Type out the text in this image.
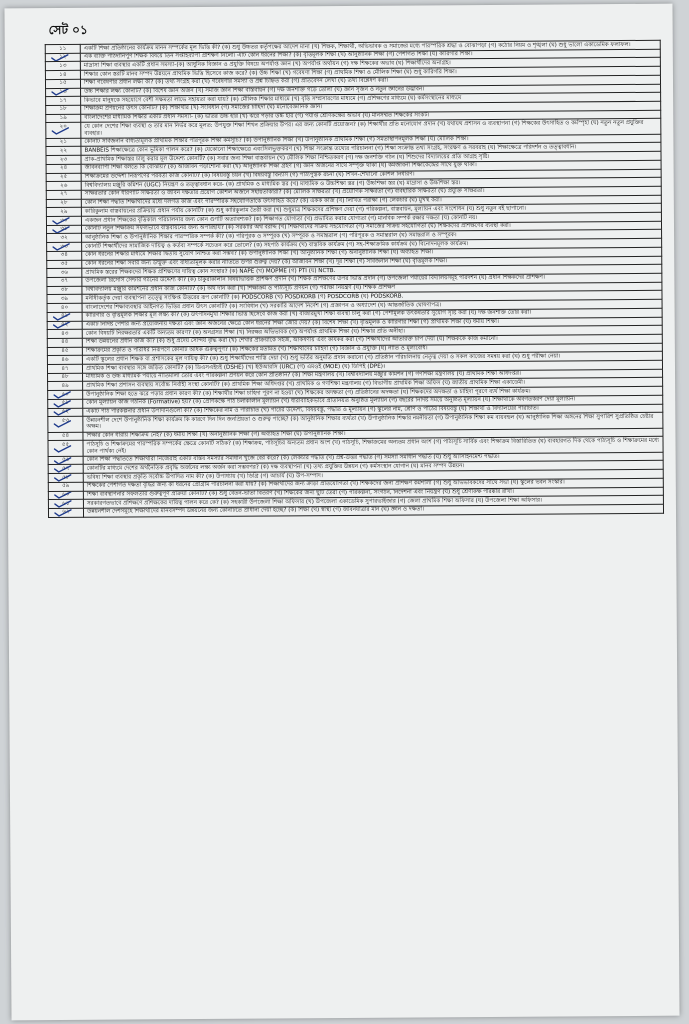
সেট ০১
১১	একটি শিক্ষা প্রতিষ্ঠানের কার্যক্রম মানন সম্পর্কের মূল ভিত্তি কী? (ক) শুধু উচ্চতর কর্তৃপক্ষের আদেশ মানা (খ) শিক্ষক, শিক্ষার্থী, অভিভাবক ও সমাজের মধ্যে পারস্পরিক শ্রদ্ধা ও বোঝাপড়া (গ) কঠোর নিয়ম ও শৃঙ্খলা (ঘ) শুধু ভালো একাডেমিক ফলাফল।
১২	এক ব্যক্তি পাঠদানিপুণ শিক্ষক বিষয়ে তিন সপ্তাহব্যাপী প্রশিক্ষণ নিলো। এটি কোন ধরনের শিক্ষা? (ক) বৃত্তিমূলক শিক্ষা (খ) আনুষ্ঠানিক শিক্ষা (গ) পেশাগত শিক্ষা (ঘ) কারিগরি শিক্ষা।
১৩	মাদ্রাসা শিক্ষা ব্যবস্থার একটি প্রধান সমস্যা-(ক) আধুনিক বিজ্ঞান ও প্রযুক্তি বিষয়ে অপর্যাপ্ত জ্ঞান (খ) অপর্যাপ্ত অর্থায়ন (গ) দক্ষ শিক্ষকের অভাব (ঘ) শিক্ষার্থীদের অনাগ্রহ।
১৪	শিক্ষার কোন স্তরটি মানব সম্পদ উন্নয়নে প্রাথমিক ভিত্তি হিসেবে কাজ করে? (ক) উচ্চ শিক্ষা (খ) গবেষণা শিক্ষা (গ) প্রাথমিক শিক্ষা ও মৌলিক শিক্ষা (ঘ) শুধু কারিগরি শিক্ষা।
১৫	শিক্ষা গবেষণার প্রধান লক্ষ্য কী? (ক) তথ্য সংগ্রহ করা (খ) গবেষণার সমস্যা ও প্রশ্ন চিহ্নিত করা (গ) প্রতিবেদন লেখা (ঘ) তথ্য বিশ্লেষণ করা।
১৬	উচ্চ শিক্ষার লক্ষ্য কোনটি? (ক) বিশেষ জ্ঞান অর্জন (খ) সমাজ জ্ঞান শিক্ষা বাস্তবায়ন (গ) দক্ষ জনশক্তি গড়ে তোলা (ঘ) জ্ঞান সৃজন ও নতুন জ্ঞানের উদ্ভাবন।
১৭	কিভাবে মানুষকে সহযোগে বেশী সক্ষমতা লাভে সহায়তা করা যায়? (ক) মৌলিক শিক্ষার মাধ্যমে (খ) বৃত্তি সম্প্রসারণের মাধ্যমে (গ) প্রশিক্ষণের মাধ্যমে (ঘ) কর্মসংস্থানের মাধ্যমে
১৮	শিক্ষাক্রম প্রণয়নের উৎস কোনটি? (ক) শিক্ষার্থীর (খ) সংবিধান (গ) সমাজের চাহিদা (ঘ) মনোবৈজ্ঞানিক জ্ঞান।
১৯	বাংলাদেশের মাধ্যমিক শিক্ষার একটি প্রধান সমস্যা- (ক) ভর্তির উচ্চ হার (খ) ঝরে পড়ার উচ্চ হার (গ) পর্যাপ্ত শ্রেণিকক্ষের অভাব (ঘ) মানসম্মত শিক্ষকের সংকট।
২০	যে কোন দেশের শিক্ষা ব্যবস্থা ও তার মান নির্ভর করে মূলত: উপযুক্ত শিক্ষা শিখন প্রক্রিয়ার উপর। এর জন্য কোনটি প্রয়োজন? (ক) শিক্ষার্থীর প্রতি মনোযোগ প্রদান (খ) যথাযথ প্রশাসন ও ব্যবস্থাপনা (গ) শিক্ষকের উৎসাহিত ও কর্মস্পৃহা (ঘ) নতুন নতুন প্রযুক্তির ব্যবহার।
২১	কোনটি সার্বজনীন বাধ্যতামূলক প্রাথমিক শিক্ষার পরিপূরক শিক্ষা কর্মসূচি? (ক) উপানুষ্ঠানিক শিক্ষা (খ) উপানুষ্ঠানিক প্রাথমিক শিক্ষা (গ) সমতাস্থাপনমূলক শিক্ষা (ঘ) মৌলিক শিক্ষা।
২২	BANBEIS শিক্ষাক্ষেত্রে কোন ভূমিকা পালন করে? (ক) যেকোনো শিক্ষাক্ষেত্রে এবংসিলভুক্তকরণ (খ) শিক্ষা সংক্রান্ত তথ্যের পরিচালনা (গ) শিক্ষা সংক্রান্ত তথ্য সংগ্রহ, সংরক্ষণ ও সরবরাহ (ঘ) শিক্ষাক্ষেত্রে পরিদর্শন ও তত্ত্বাবধান।
২৩	প্রাক-প্রাথমিক শিক্ষাস্তর চালু করার মূল উদ্দেশ্য কোনটি? (ক) সবার জন্য শিক্ষা বাস্তবায়ন (খ) মৌলিক শিক্ষা নিশ্চিতকরণ (গ) দক্ষ জনশক্তি গঠন (ঘ) শিশুদের বিদ্যালয়ের প্রতি আগ্রহ সৃষ্টি।
২৪	জীবনব্যাপী শিক্ষা বলতে কি বোঝায়? (ক) আজীবন পড়াশোনা করা (খ) আনুষ্ঠানিক শিক্ষা গ্রহণ (গ) জ্ঞান অর্জনের সাথে সম্পৃক্ত থাকা (ঘ) কর্মজীবনী শিক্ষাকেন্দ্রের সাথে যুক্ত থাকা।
২৫	শিক্ষাক্রমের উদ্দেশ্য নিরূপণের পরবর্তী কাজ কোনটি? (ক) বিষয়বস্তু চয়ন (খ) বিষয়বস্তু বিন্যাস (গ) পাঠ্যপুস্তক রচনা (ঘ) শিখন-শেখানো কৌশল নির্ধারণ।
২৬	বিশ্ববিদ্যালয় মঞ্জুরি কমিশন (UGC) নিয়ন্ত্রণ ও তত্ত্বাবধান করে- (ক) প্রাথমিক ও মাধ্যমিক স্তর (খ) মাধ্যমিক ও উচ্চশিক্ষা স্তর (গ) উচ্চশিক্ষা স্তর (ঘ) মাদ্রাসা ও উচ্চশিক্ষা স্তর।
২৭	সাক্ষরতার কোন ধারণাটি সাক্ষরতা ও জীবন দক্ষতার প্রয়োগ কৌশল অর্জনে সহায়তাকারী? (ক) মৌলিক সাক্ষরতা (খ) প্রয়োগিক সাক্ষরতা (গ) ব্যবহারিক সাক্ষরতা (ঘ) প্রযুক্তি সাক্ষরতা।
২৮	কোন শিক্ষা পদ্ধতি শিক্ষার্থীদের মধ্যে দলগত কাজ এবং পারস্পরিক সহযোগিতাকে উৎসাহিত করে? (ক) একক কাজ (খ) লিখিত পরীক্ষা (গ) লেকচার (ঘ) মুখস্থ করা।
২৯	কারিকুলাম বাস্তবায়নের প্রক্রিয়ায় প্রধান পর্যায় কোনটি? (ক) শুধু কারিকুলাম তৈরী করা (খ) শুধুমাত্র শিক্ষকদের প্রশিক্ষণ দেয়া (গ) পরিকল্পনা, বাস্তবায়ন, মূল্যায়ন এবং সংশোধন (ঘ) শুধু নতুন বই ছাপানো।
৩০	একজন প্রধান শিক্ষকের বৃত্তিকাল পরিচালনার জন্য কোন গুণটি অত্যাবশ্যক? (ক) শিক্ষাগত যোগ্যতা (খ) প্রভাবিত করার যোগ্যতা (গ) মানবিক সম্পর্ক রক্ষার দক্ষতা (ঘ) কোনটি নয়।
৩১	কোনটি নতুন শিক্ষাক্রম সফলভাবে বাস্তবায়নের জন্য অপরিহার্য? (ক) সরকারি অর্থ বরাদ্দ (খ) শিক্ষার্থীদের সক্রিয় সহযোগিতা (গ) সমাজের সক্রিয় সহযোগিতা (ঘ) শিক্ষকদের প্রশিক্ষণের ব্যবস্থা করা।
৩২	আনুষ্ঠানিক শিক্ষা ও উপানুষ্ঠানিক শিক্ষার পারস্পরিক সম্পর্ক কী? (ক) পরিপূরক ও সম্পূরক (খ) সম্পূরক ও সমান্তরাল (গ) পরিপূরক ও সমান্তরাল (ঘ) সমান্তরাল ও সম্পূরক।
৩৩	কোনটি শিক্ষার্থীদের সামাজিক দায়িত্ব ও কর্তব্য সম্পর্কে সচেতন করে তোলে? (ক) সহপাঠ কার্যক্রম (খ) বাস্তবিক কার্যক্রম (গ) সহ-শিক্ষাক্রমিক কার্যক্রম (ঘ) বিনোদনমূলক কার্যক্রম।
৩৪	কোন ধরনের শিক্ষার মাধ্যমে শিক্ষার দ্বিতীয় সুযোগ নিশ্চিত করা সম্ভব? (ক) উপানুষ্ঠানিক শিক্ষা (খ) আনুষ্ঠানিক শিক্ষা (গ) অনানুষ্ঠানিক শিক্ষা (ঘ) অব্যাহত শিক্ষা।
৩৫	কোন ধরনের শিক্ষা সবার জন্য উন্মুক্ত এবং বাধ্যতামূলক করার নীতিতে উপর গুরুত্ব দেয়? (ক) আজীবন শিক্ষা (খ) দূর শিক্ষা (গ) সার্বজনীন শিক্ষা (ঘ) বৃত্তিমূলক শিক্ষা।
৩৬	প্রাথমিক স্তরের শিক্ষকদের শিক্ষক প্রশিক্ষণের দায়িত্ব কোন সংস্থার? (ক) NAPE (খ) MOPME (গ) PTI (ঘ) NCTB.
৩৭	উপজেলা রিসোর্স সেন্টার গঠনের উদ্দেশ্য কী? (ক) চাকুরীকালীন বিষয়ভিত্তিক প্রশিক্ষণ প্রদান (খ) শিক্ষক প্রশিক্ষণের উপর ভিত্তি প্রদান (গ) উপজেলা পর্যায়ের বিদ্যালয়সমূহ পরিদর্শন (ঘ) প্রধান শিক্ষকদের প্রশিক্ষণ।
৩৮	বিশ্ববিদ্যালয় মঞ্জুরি কমিশনের প্রধান কাজ কোনটি? (ক) অর্থ দান করা (খ) শিক্ষাক্রম ও পাঠ্যসূচি প্রণয়ন (গ) পরীক্ষা নিয়ন্ত্রণ (ঘ) শিক্ষক প্রশিক্ষণ
৩৯	মনীষীকর্তৃক দেয়া ব্যবস্থাপনা তত্ত্বে সংক্ষিপ্ত উত্তরের রূপ কোনটি? (ক) PODSCORB (খ) POSDKORB (গ) POSDCORB (ঘ) PODSKORB.
৪০	বাংলাদেশের শিক্ষাব্যবস্থার আইনগত ভিত্তির প্রধান উৎস কোনটি? (ক) সংবিধান (খ) সরকারি আদেশ নির্দেশ (গ) প্রজ্ঞাপন ও অধ্যাদেশ (ঘ) আন্তর্জাতিক ঘোষণাপত্র।
৪১	কারিগরি ও বৃত্তিমূলক শিক্ষার মূল লক্ষ্য কী? (ক) উৎপাদনমুখী শিক্ষার ভিত্তি হিসেবে কাজ করা (খ) বাজারমুখী শিক্ষা ব্যবস্থা চালু করা (গ) পেশামূলক উৎকর্ষতার সুযোগ সৃষ্টি করা (ঘ) দক্ষ জনশক্তি তৈরি করা।
৪২	একটি নির্দিষ্ট পেশার জন্য প্রয়োজনীয় দক্ষতা এবং জ্ঞান অর্জনের ক্ষেত্রে কোন ধরনের শিক্ষা জোর দেয়? (ক) বিশেষ শিক্ষা (খ) বৃত্তিমূলক ও কারিগরি শিক্ষা (গ) প্রাথমিক শিক্ষা (ঘ) ধর্মীয় শিক্ষা।
৪৩	কোন বিষয়টি নিরক্ষরতার একটি অন্যতম কারণ? (ক) অনগ্রসর শিক্ষা (খ) নিরক্ষর অভিভাবক (গ) অপর্যাপ্ত প্রাথমিক শিক্ষা (ঘ) শিক্ষার প্রতি অনীহা।
৪৪	শিক্ষা উন্নয়নের প্রধান কাজ কী? (ক) শুধু প্রদেয় সৌন্দর্য বৃদ্ধি করা (খ) শেখার প্রক্রিয়াকে সহজ, আকর্ষণীয় এবং কার্যকর করা (গ) শিক্ষার্থীদের অতিরিক্ত চাপ দেয়া (ঘ) শিক্ষককে কাজ কমানো।
৪৫	শিক্ষাক্রমের প্রকৃতি ও পরিধির নিরূপণে কোনটি অধিক গুরুত্বপূর্ণ? (ক) শিক্ষকের মতামত (খ) শিক্ষার্থীদের চাহিদা (গ) বিজ্ঞান ও প্রযুক্তি (ঘ) নীতি ও মূল্যবোধ।
৪৬	একটি স্কুলের প্রধান শিক্ষক বা প্রশাসকের মূল দায়িত্ব কী? (ক) শুধু শিক্ষার্থীদের শাস্তি দেয়া (খ) শুধু ভর্তির অনুমতি প্রদান করানো (গ) প্রতিষ্ঠান পরিচালনায় নেতৃত্ব দেয়া ও সকল কাজের সমন্বয় করা (ঘ) শুধু পরীক্ষা নেয়া।
৪৭	প্রাথমিক শিক্ষা ব্যবস্থার সঙ্গে জড়িত কোনটি? (ক) ডিএসএইচই (DSHE) (খ) ইউআরসি (URC) (গ) এমওই (MOE) (ঘ) ডিপিই (DPE)।
৪৮	মাধ্যমিক ও উচ্চ মাধ্যমিক পর্যায়ে নীতিমালা তৈরি এবং পরিকল্পনা প্রণয়ন করে কোন প্রতিষ্ঠান? (ক) শিক্ষা মন্ত্রণালয় (খ) বিশ্ববিদ্যালয় মঞ্জুরি কমিশন (গ) গণশিক্ষা মন্ত্রণালয় (ঘ) প্রাথমিক শিক্ষা অধিদপ্তর।
৪৯	প্রাথমিক শিক্ষা প্রশাসন ব্যবস্থায় সর্বোচ্চ নির্বাহী সংস্থা কোনটি? (ক) প্রাথমিক শিক্ষা অধিদপ্তর (খ) প্রাথমিক ও গণশিক্ষা মন্ত্রণালয় (গ) বিভাগীয় প্রাথমিক শিক্ষা অফিস (ঘ) জাতীয় প্রাথমিক শিক্ষা একাডেমী।
৫০	উপানুষ্ঠানিক শিক্ষা হতে ঝরে পড়ার প্রধান কারণ কী? (ক) শিক্ষার্থীর শিক্ষা চাহিদা পূরণ না হওয়া (খ) শিক্ষকের অদক্ষতা (গ) প্রতিষ্ঠানের অদক্ষতা (ঘ) শিক্ষকদের অদক্ষতা ও চাহিদা পূরণে ব্যর্থ শিক্ষা কার্যক্রম।
৫১	কোন মূল্যায়ন কাজ গঠনিক (Formative) হয়? (ক) প্রেণিকক্ষে পাঠ চলাকালীন মূল্যায়ন (খ) ধারাবাহিকভাবে প্রতিনিয়ত অনুষ্ঠিত মূল্যায়ন (গ) বছরের নির্দিষ্ট সময়ে অনুষ্ঠিত মূল্যায়ন (ঘ) শিক্ষার্থীকে অবগতকরণ দেয়া মূল্যায়ন।
৫২	একটি পাঠ পরিকল্পনার প্রধান উপাদানগুলো কী? (ক) শিক্ষকের নাম ও পরিচিতি (খ) পাঠের উদ্দেশ্য, বিষয়বস্তু, পদ্ধতি ও মূল্যায়ন (গ) স্কুলের নাম, শ্রেণি ও পাঠের বিষয়বস্তু (ঘ) শিক্ষার্থী ও বিদ্যালয়ের পরিচিতি।
৫৩	উন্নয়নশীল দেশে উপানুষ্ঠানিক শিক্ষা কার্যক্রম কি কারণে দিন দিন জনপ্রিয়তা ও গুরুত্ব পাচ্ছে? (ক) আনুষ্ঠানিক শিক্ষার ব্যর্থতা (খ) উপানুষ্ঠানিক শিক্ষার নমনীয়তা (গ) উপানুষ্ঠানিক শিক্ষা কম ব্যয়বহুল (ঘ) আনুষ্ঠানিক শিক্ষা অঙ্গনের শিক্ষা সুপারিশ সুপ্রতিষ্ঠিত চেষ্টার অক্ষম।
৫৪	শিক্ষার কোন ধারায় শিক্ষাক্রম নেই? (ক) ধর্মীয় শিক্ষা (খ) অনানুষ্ঠানিক শিক্ষা (গ) অব্যাহত শিক্ষা (ঘ) উপানুষ্ঠানিক শিক্ষা।
৫৫	পাঠসূচি ও শিক্ষাক্রমের পারস্পরিক সম্পর্কের ক্ষেত্রে কোনটি সঠিক? (ক) শিক্ষাক্রম, পাঠসূচির অন্যতম প্রধান অংশ (খ) পাঠসূচি, শিক্ষাক্রমের অন্যতম প্রধান অংশ (গ) পাঠ্যসূচি সার্বিক এবং শিক্ষাক্রম বিস্তারিতিত (ঘ) ব্যবহারগত দিক থেকে পাঠ্যসূচি ও শিক্ষাক্রমের মধ্যে কোন পার্থক্য নেই।
৫৬	কোন শিক্ষা পদ্ধতিতে শিক্ষার্থীরা নিজেরাই একটি বাস্তব সমস্যার সমাধান খুঁজে বের করে? (ক) লেকচার পদ্ধতি (খ) প্রশ্ন-উত্তর পদ্ধতি (গ) সমস্যা সমাধান পদ্ধতি (ঘ) শুধু অ্যাসাইনমেন্ট পদ্ধতি।
৫৭	কোনটির মাধ্যমে দেশের অর্থনৈতিক প্রবৃদ্ধি অর্জনের লক্ষ্য অর্জন করা সম্ভবপর? (ক) দক্ষ ব্যবস্থাপনা (খ) তথ্য প্রযুক্তির উন্নয়ন (গ) কর্মসংস্থান যোগান (ঘ) মানব সম্পদ উন্নয়ন।
৫৮	ভবিষ্য শিক্ষা ব্যবস্থার প্রকৃতি সর্বোচ্চ উপাদিত নাম কী? (ক) উপাধ্যায় (খ) ডিগ্রি (গ) আচার্য (ঘ) উপ-সম্পাদ।
৫৯	শিক্ষকের পেশাগত দক্ষতা বৃদ্ধির জন্য কী ধরনের প্রোগ্রাম পরিচালনা করা যায়? (ক) শিক্ষার্থীদের জন্য ক্রীড়া প্রতিযোগিতা (খ) শিক্ষকদের জন্য প্রশিক্ষণ কর্মশালা (গ) শুধু অভিভাবকদের সাথে সভা (ঘ) স্কুলের ভবন সংস্কার।
৬০	শিক্ষা ব্যবস্থাপনার সফলতার গুরুত্বপূর্ণ প্রক্রিয়া কোনটি? (ক) শুধু বেতন-ভাতা বিতরণ (খ) শিক্ষকের জন্য ছুটি তৈরী (গ) পরিকল্পনা, সংগঠন, নির্দেশনা এবং নিয়ন্ত্রণ (ঘ) শুধু শ্রেণীকক্ষ পরিষ্কার রাখা।
৬১	সরকারগতভাবে প্রশিক্ষণে প্রশিক্ষকের দায়িত্ব পালন করে কে? (ক) সহকারী উপজেলা শিক্ষা অফিসার (খ) উপজেলা একাডেমিক সুপারভাইজার (গ) জেলা প্রাথমিক শিক্ষা অফিসার (ঘ) উপজেলা শিক্ষা অফিসার।
৬২	উন্নয়নশীল দেশসমূহে শিক্ষার্থীদের মানবসম্পদ উন্নয়নের জন্য কোনটিতে প্রাধান্য দেয়া হচ্ছে? (ক) শিক্ষা (খ) স্বাস্থ্য (গ) জীবনযাত্রার মান (ঘ) জ্ঞান ও দক্ষতা।
